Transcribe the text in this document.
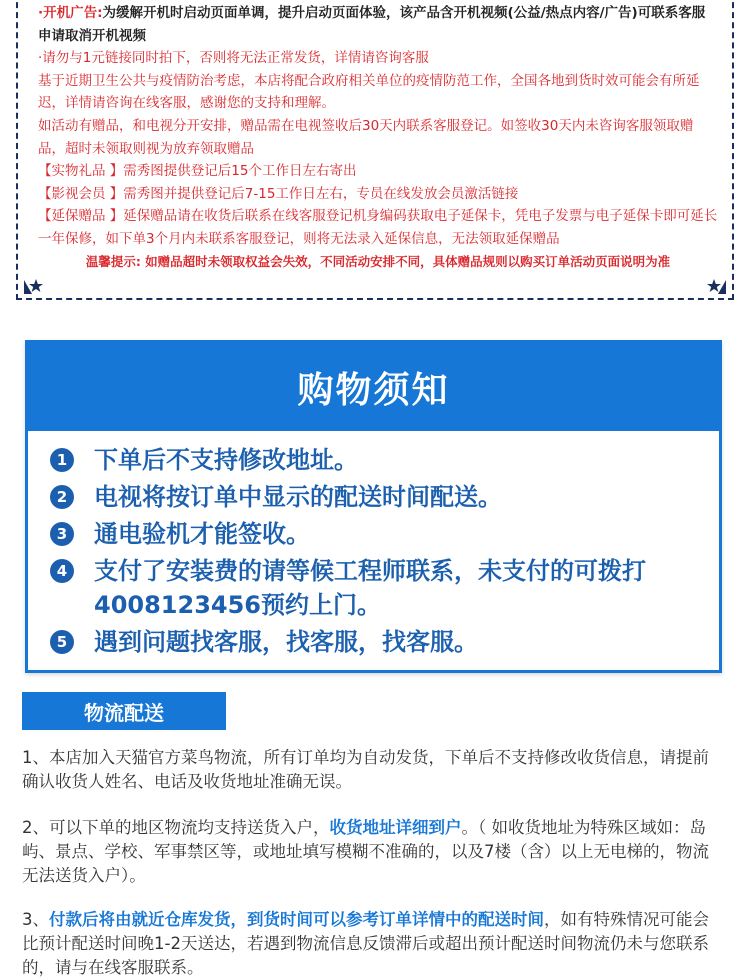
·开机广告:为缓解开机时启动页面单调，提升启动页面体验，该产品含开机视频(公益/热点内容/广告)可联系客服申请取消开机视频

·请勿与1元链接同时拍下，否则将无法正常发货，详情请咨询客服

基于近期卫生公共与疫情防治考虑，本店将配合政府相关单位的疫情防范工作，全国各地到货时效可能会有所延迟，详情请咨询在线客服，感谢您的支持和理解。

如活动有赠品，和电视分开安排，赠品需在电视签收后30天内联系客服登记。如签收30天内未咨询客服领取赠品，超时未领取则视为放弃领取赠品

【实物礼品 】需秀图提供登记后15个工作日左右寄出

【影视会员 】需秀图并提供登记后7-15工作日左右，专员在线发放会员激活链接

【延保赠品 】延保赠品请在收货后联系在线客服登记机身编码获取电子延保卡，凭电子发票与电子延保卡即可延长一年保修，如下单3个月内未联系客服登记，则将无法录入延保信息，无法领取延保赠品

温馨提示: 如赠品超时未领取权益会失效，不同活动安排不同，具体赠品规则以购买订单活动页面说明为准

购物须知
1 下单后不支持修改地址。
2 电视将按订单中显示的配送时间配送。
3 通电验机才能签收。
4 支付了安装费的请等候工程师联系，未支付的可拨打4008123456预约上门。
5 遇到问题找客服，找客服，找客服。
物流配送

1、本店加入天猫官方菜鸟物流，所有订单均为自动发货，下单后不支持修改收货信息，请提前确认收货人姓名、电话及收货地址准确无误。

2、可以下单的地区物流均支持送货入户，收货地址详细到户。（ 如收货地址为特殊区域如：岛屿、景点、学校、军事禁区等，或地址填写模糊不准确的，以及7楼（含）以上无电梯的，物流无法送货入户）。

3、付款后将由就近仓库发货，到货时间可以参考订单详情中的配送时间，如有特殊情况可能会比预计配送时间晚1-2天送达，若遇到物流信息反馈滞后或超出预计配送时间物流仍未与您联系的，请与在线客服联系。
